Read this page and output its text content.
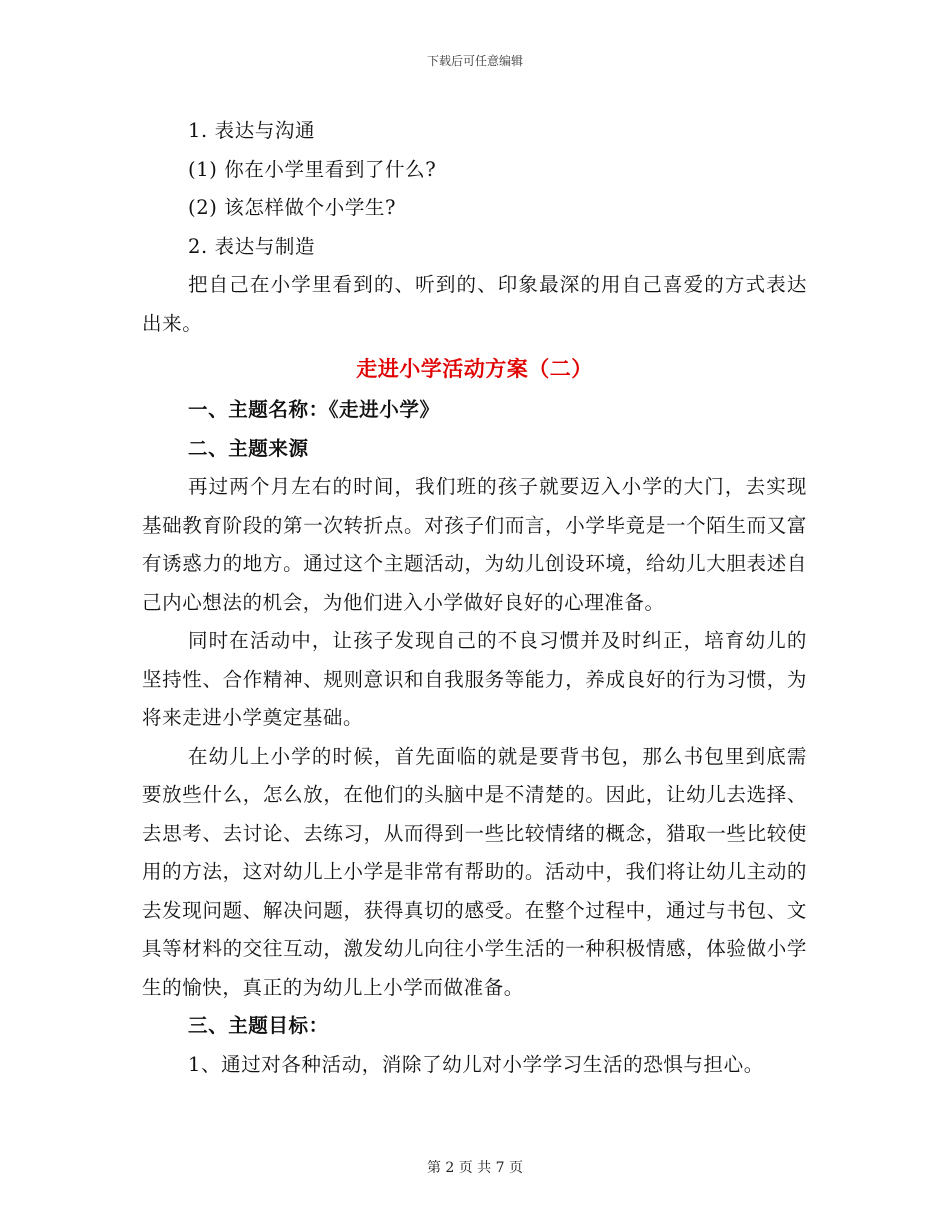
下载后可任意编辑
1. 表达与沟通
(1) 你在小学里看到了什么?
(2) 该怎样做个小学生?
2. 表达与制造

把自己在小学里看到的、听到的、印象最深的用自己喜爱的方式表达出来。

走进小学活动方案（二）
一、主题名称：《走进小学》
二、主题来源

再过两个月左右的时间，我们班的孩子就要迈入小学的大门，去实现基础教育阶段的第一次转折点。对孩子们而言，小学毕竟是一个陌生而又富有诱惑力的地方。通过这个主题活动，为幼儿创设环境，给幼儿大胆表述自己内心想法的机会，为他们进入小学做好良好的心理准备。

同时在活动中，让孩子发现自己的不良习惯并及时纠正，培育幼儿的坚持性、合作精神、规则意识和自我服务等能力，养成良好的行为习惯，为将来走进小学奠定基础。

在幼儿上小学的时候，首先面临的就是要背书包，那么书包里到底需要放些什么，怎么放，在他们的头脑中是不清楚的。因此，让幼儿去选择、去思考、去讨论、去练习，从而得到一些比较情绪的概念，猎取一些比较使用的方法，这对幼儿上小学是非常有帮助的。活动中，我们将让幼儿主动的去发现问题、解决问题，获得真切的感受。在整个过程中，通过与书包、文具等材料的交往互动，激发幼儿向往小学生活的一种积极情感，体验做小学生的愉快，真正的为幼儿上小学而做准备。

三、主题目标：
1、通过对各种活动，消除了幼儿对小学学习生活的恐惧与担心。
第 2 页 共 7 页
